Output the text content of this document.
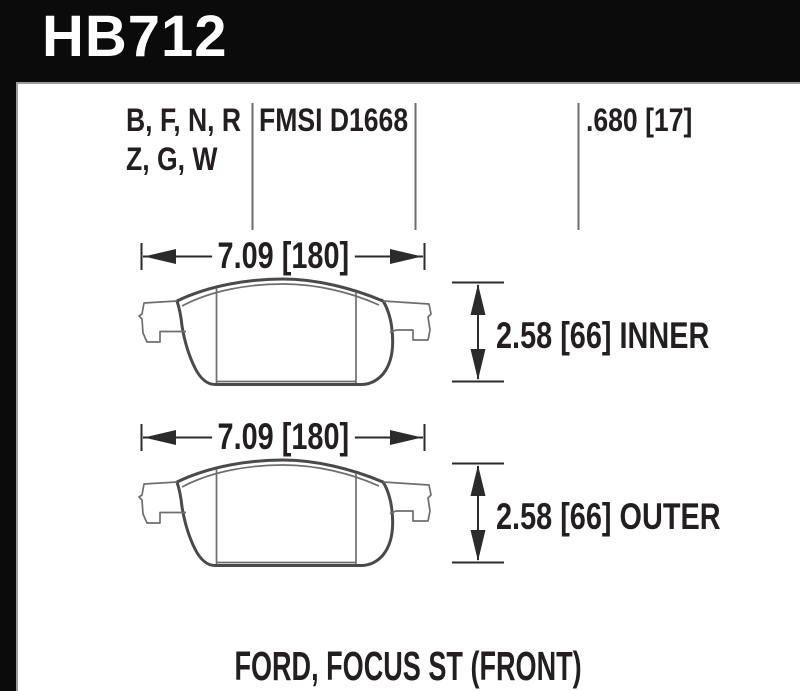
B, F, N, R
Z, G, W
FMSI D1668	.680 [17]
7.09 [180]
2.58 [66] INNER
7.09 [180]
2.58 [66] OUTER
FORD, FOCUS ST (FRONT)
HB712
